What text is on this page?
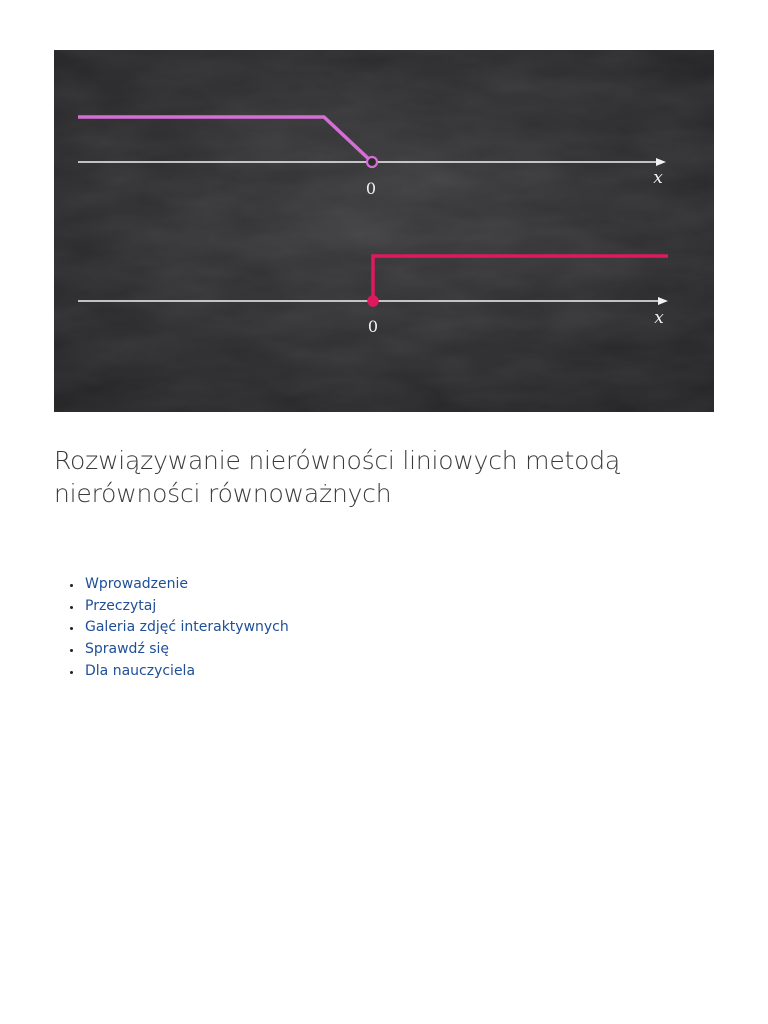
0
x
0	x
Rozwiązywanie nierówności liniowych metodą nierówności równoważnych
Wprowadzenie
Przeczytaj
Galeria zdjęć interaktywnych
Sprawdź się
Dla nauczyciela
